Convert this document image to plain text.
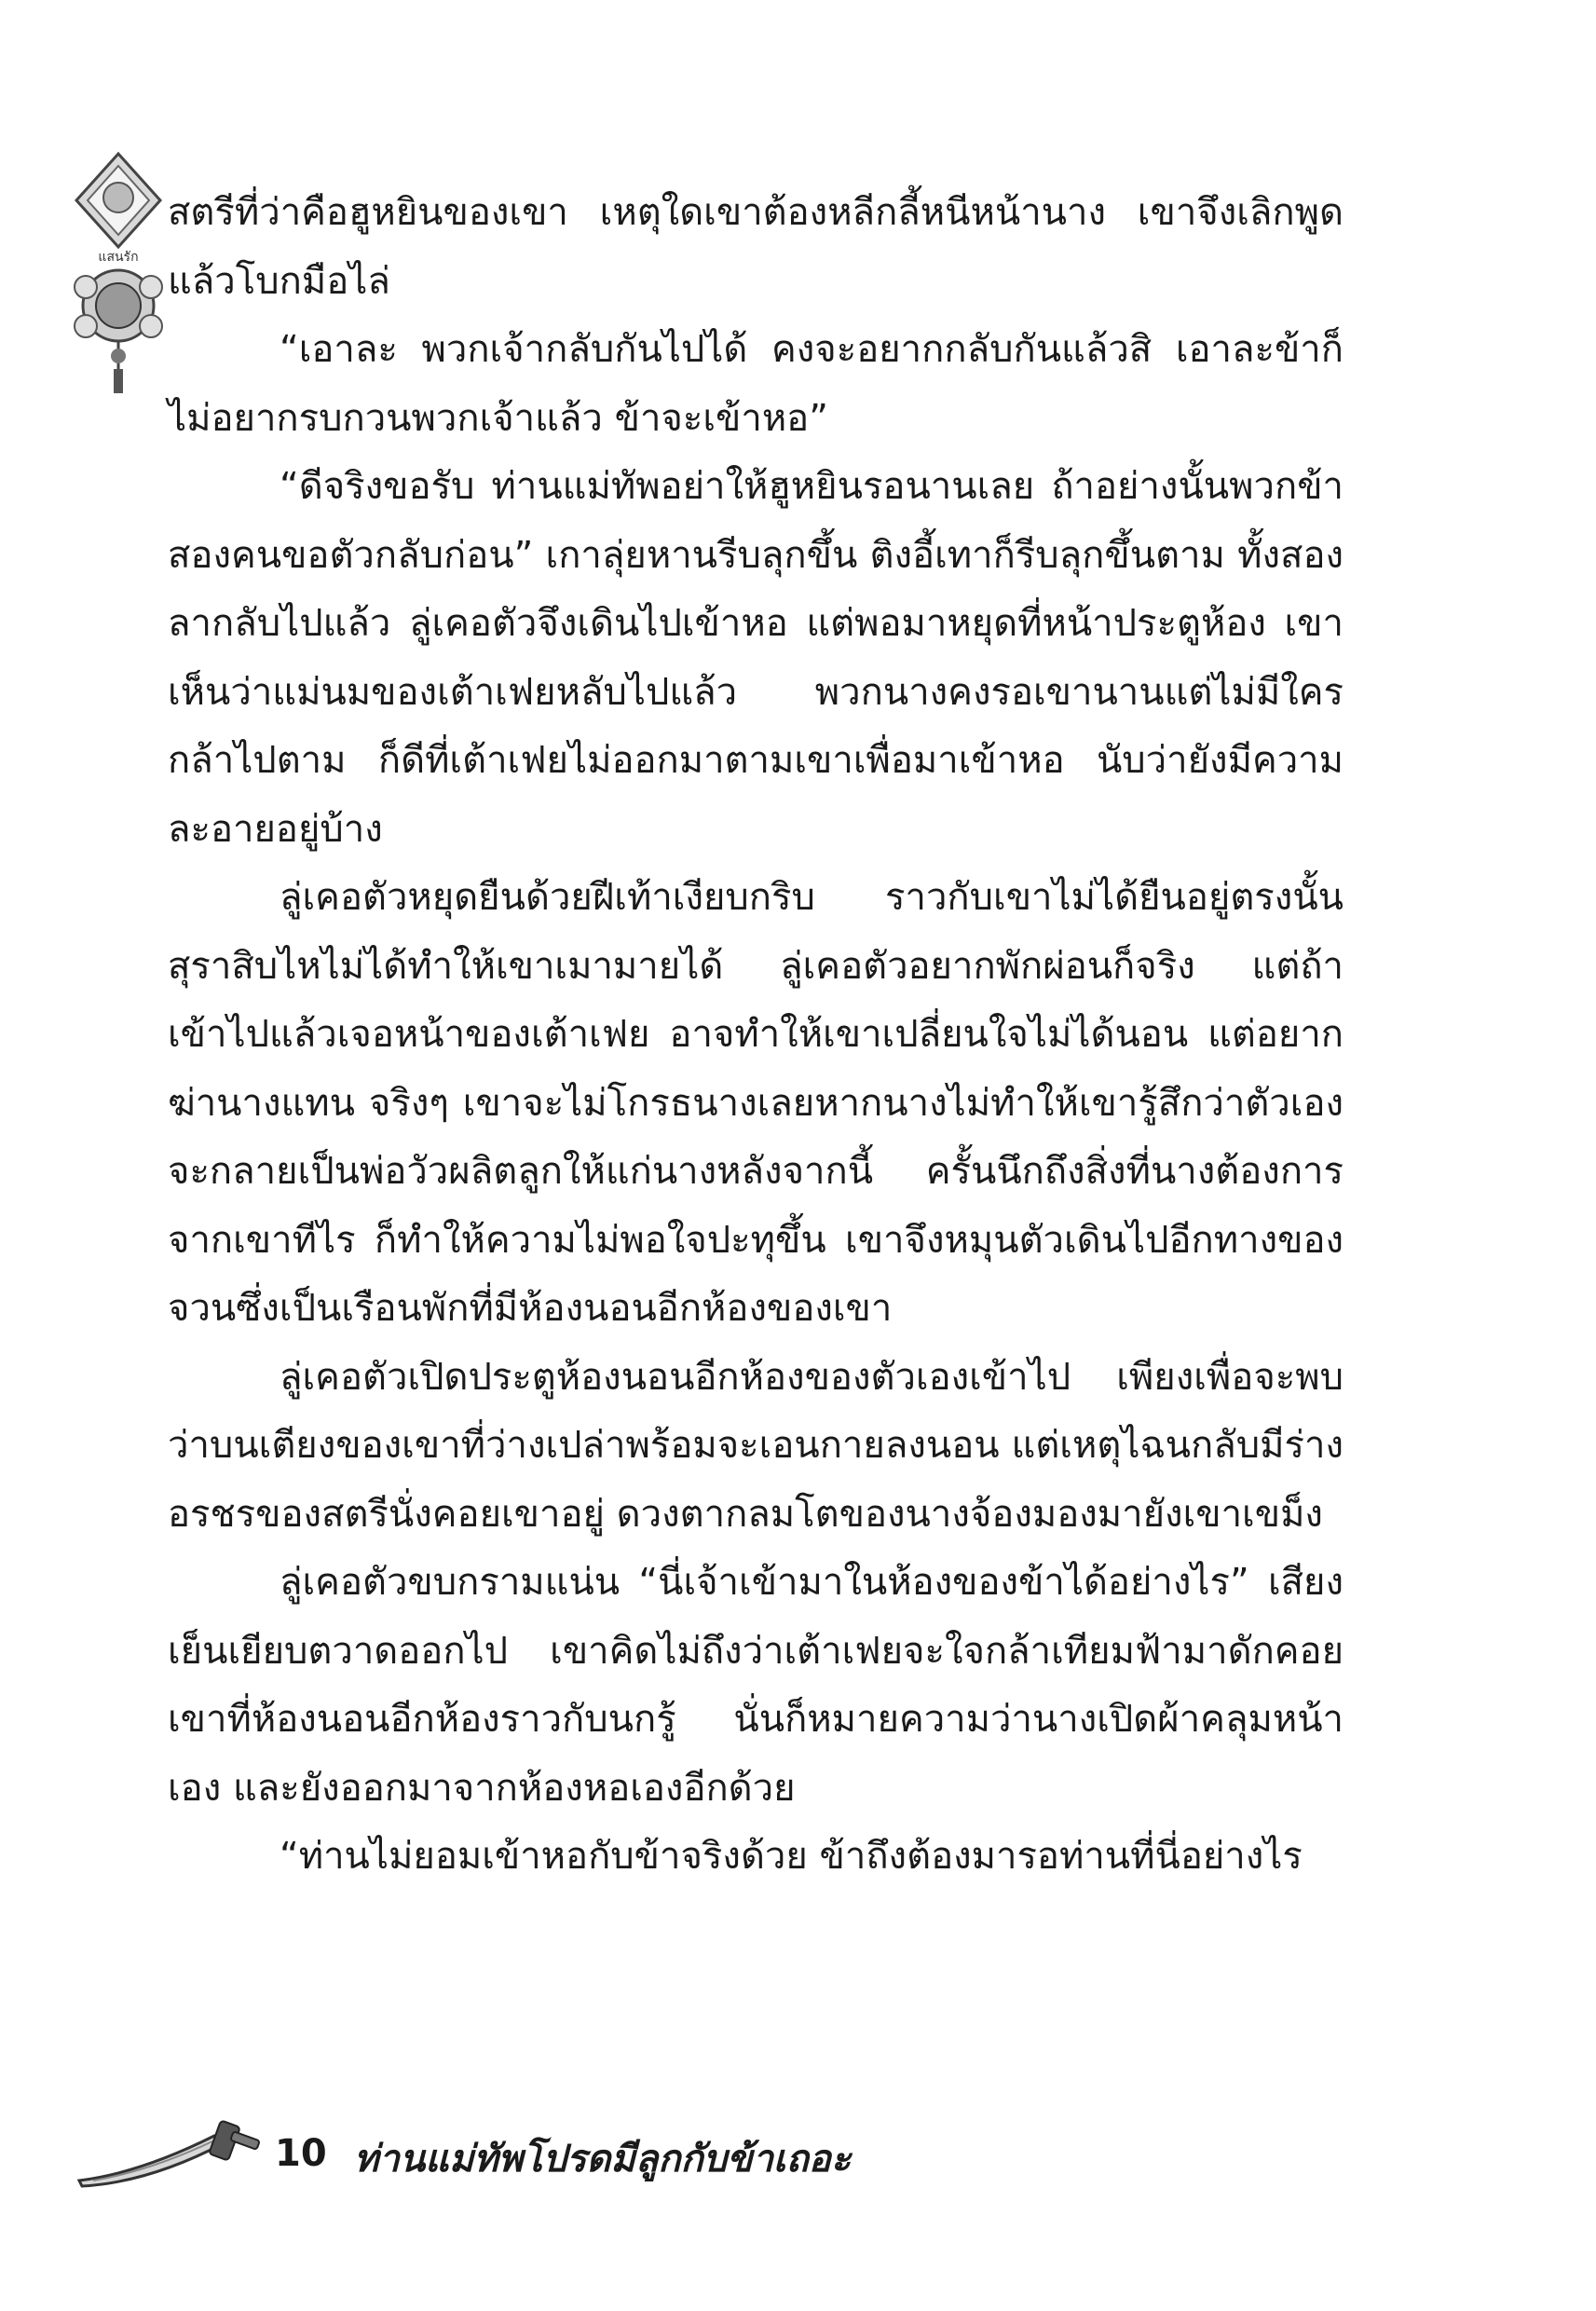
แสนรัก

สตรีที่ว่าคือฮูหยินของเขา เหตุใดเขาต้องหลีกลี้หนีหน้านาง เขาจึงเลิกพูดแล้วโบกมือไล่

“เอาละ พวกเจ้ากลับกันไปได้ คงจะอยากกลับกันแล้วสิ เอาละข้าก็ไม่อยากรบกวนพวกเจ้าแล้ว ข้าจะเข้าหอ”

“ดีจริงขอรับ ท่านแม่ทัพอย่าให้ฮูหยินรอนานเลย ถ้าอย่างนั้นพวกข้าสองคนขอตัวกลับก่อน” เกาลุ่ยหานรีบลุกขึ้น ติงอี้เทาก็รีบลุกขึ้นตาม ทั้งสองลากลับไปแล้ว ลู่เคอตัวจึงเดินไปเข้าหอ แต่พอมาหยุดที่หน้าประตูห้อง เขาเห็นว่าแม่นมของเต้าเฟยหลับไปแล้ว พวกนางคงรอเขานานแต่ไม่มีใครกล้าไปตาม ก็ดีที่เต้าเฟยไม่ออกมาตามเขาเพื่อมาเข้าหอ นับว่ายังมีความละอายอยู่บ้าง

ลู่เคอตัวหยุดยืนด้วยฝีเท้าเงียบกริบ ราวกับเขาไม่ได้ยืนอยู่ตรงนั้น สุราสิบไหไม่ได้ทำให้เขาเมามายได้ ลู่เคอตัวอยากพักผ่อนก็จริง แต่ถ้าเข้าไปแล้วเจอหน้าของเต้าเฟย อาจทำให้เขาเปลี่ยนใจไม่ได้นอน แต่อยากฆ่านางแทน จริงๆ เขาจะไม่โกรธนางเลยหากนางไม่ทำให้เขารู้สึกว่าตัวเองจะกลายเป็นพ่อวัวผลิตลูกให้แก่นางหลังจากนี้ ครั้นนึกถึงสิ่งที่นางต้องการจากเขาทีไร ก็ทำให้ความไม่พอใจปะทุขึ้น เขาจึงหมุนตัวเดินไปอีกทางของจวนซึ่งเป็นเรือนพักที่มีห้องนอนอีกห้องของเขา

ลู่เคอตัวเปิดประตูห้องนอนอีกห้องของตัวเองเข้าไป เพียงเพื่อจะพบว่าบนเตียงของเขาที่ว่างเปล่าพร้อมจะเอนกายลงนอน แต่เหตุไฉนกลับมีร่างอรชรของสตรีนั่งคอยเขาอยู่ ดวงตากลมโตของนางจ้องมองมายังเขาเขม็ง

ลู่เคอตัวขบกรามแน่น “นี่เจ้าเข้ามาในห้องของข้าได้อย่างไร” เสียงเย็นเยียบตวาดออกไป เขาคิดไม่ถึงว่าเต้าเฟยจะใจกล้าเทียมฟ้ามาดักคอยเขาที่ห้องนอนอีกห้องราวกับนกรู้ นั่นก็หมายความว่านางเปิดผ้าคลุมหน้าเอง และยังออกมาจากห้องหอเองอีกด้วย

“ท่านไม่ยอมเข้าหอกับข้าจริงด้วย ข้าถึงต้องมารอท่านที่นี่อย่างไร

10 ท่านแม่ทัพโปรดมีลูกกับข้าเถอะ
